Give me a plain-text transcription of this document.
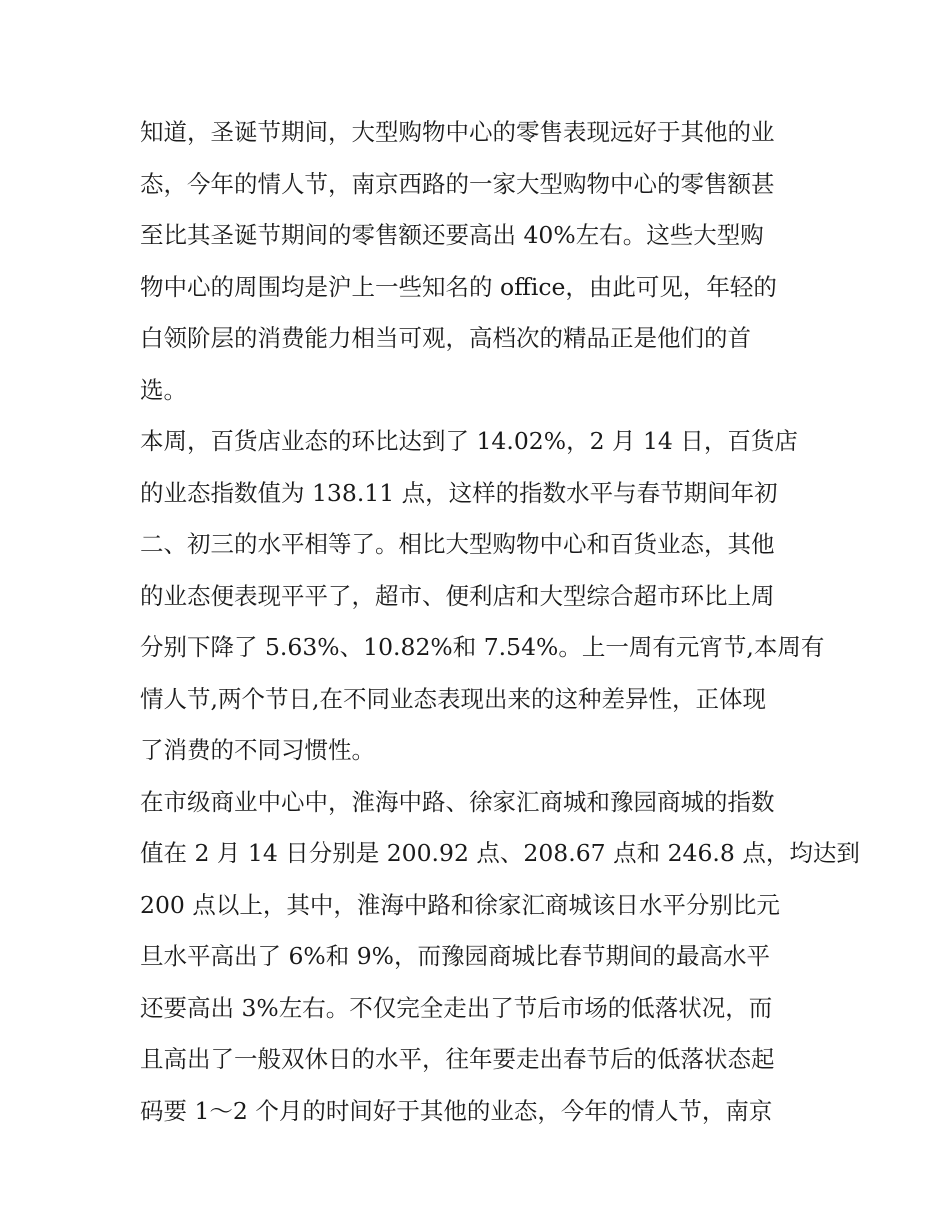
知道，圣诞节期间，大型购物中心的零售表现远好于其他的业
态，今年的情人节，南京西路的一家大型购物中心的零售额甚
至比其圣诞节期间的零售额还要高出 40%左右。这些大型购
物中心的周围均是沪上一些知名的 office，由此可见，年轻的
白领阶层的消费能力相当可观，高档次的精品正是他们的首
选。
本周，百货店业态的环比达到了 14.02%，2 月 14 日，百货店
的业态指数值为 138.11 点，这样的指数水平与春节期间年初
二、初三的水平相等了。相比大型购物中心和百货业态，其他
的业态便表现平平了，超市、便利店和大型综合超市环比上周
分别下降了 5.63%、10.82%和 7.54%。上一周有元宵节,本周有
情人节,两个节日,在不同业态表现出来的这种差异性，正体现
了消费的不同习惯性。
在市级商业中心中，淮海中路、徐家汇商城和豫园商城的指数
值在 2 月 14 日分别是 200.92 点、208.67 点和 246.8 点，均达到
200 点以上，其中，淮海中路和徐家汇商城该日水平分别比元
旦水平高出了 6%和 9%，而豫园商城比春节期间的最高水平
还要高出 3%左右。不仅完全走出了节后市场的低落状况，而
且高出了一般双休日的水平，往年要走出春节后的低落状态起
码要 1～2 个月的时间好于其他的业态，今年的情人节，南京
